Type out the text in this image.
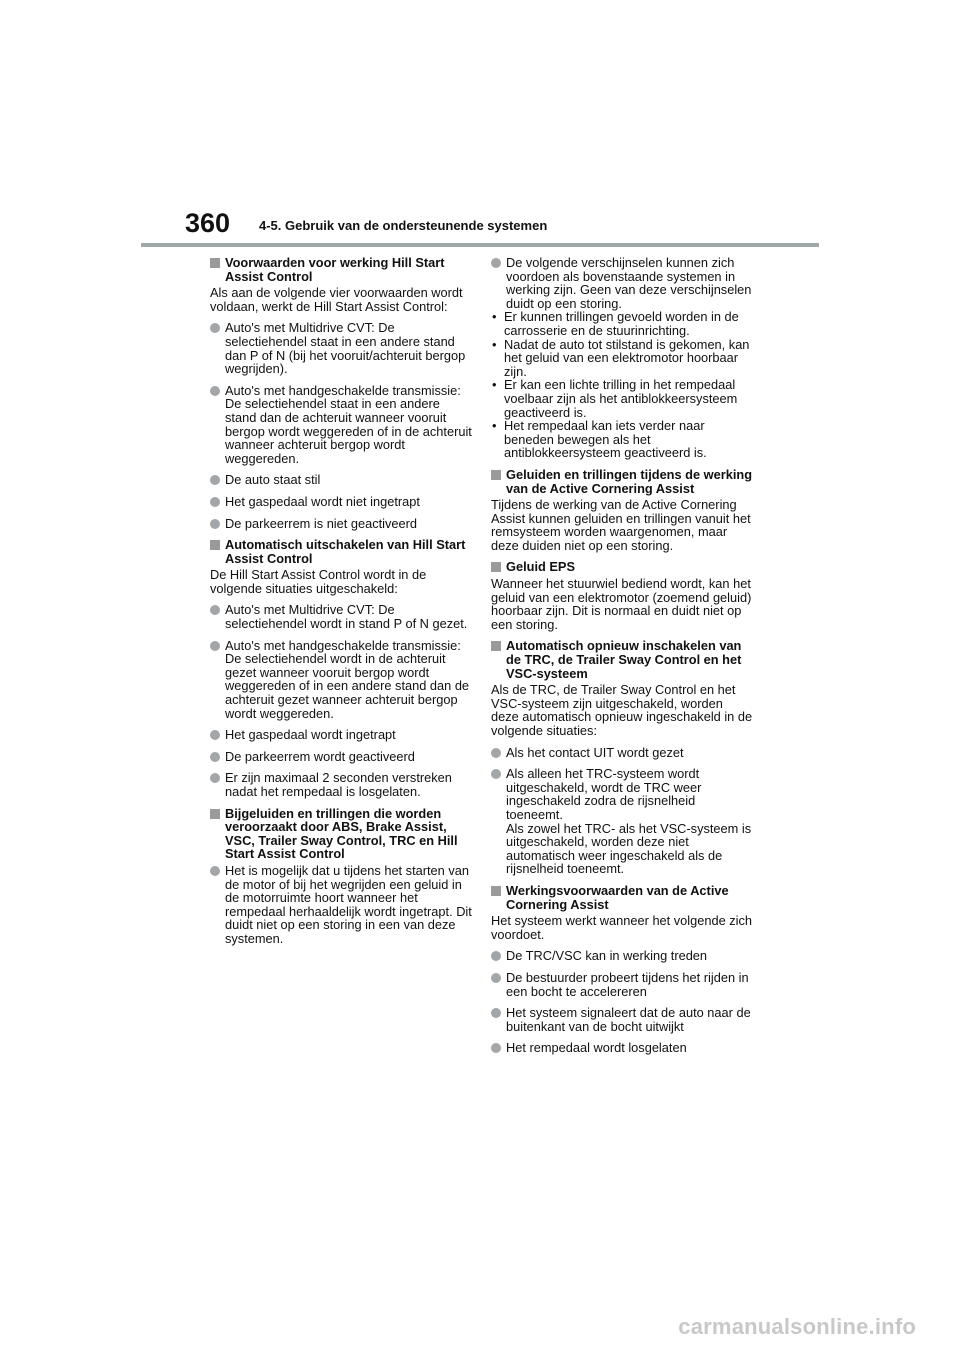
360 4-5. Gebruik van de ondersteunende systemen
Voorwaarden voor werking Hill Start Assist Control
Als aan de volgende vier voorwaarden wordt voldaan, werkt de Hill Start Assist Control:
Auto's met Multidrive CVT: De selectiehendel staat in een andere stand dan P of N (bij het vooruit/achteruit bergop wegrijden).
Auto's met handgeschakelde transmissie: De selectiehendel staat in een andere stand dan de achteruit wanneer vooruit bergop wordt weggereden of in de achteruit wanneer achteruit bergop wordt weggereden.
De auto staat stil
Het gaspedaal wordt niet ingetrapt
De parkeerrem is niet geactiveerd
Automatisch uitschakelen van Hill Start Assist Control
De Hill Start Assist Control wordt in de volgende situaties uitgeschakeld:
Auto's met Multidrive CVT: De selectiehendel wordt in stand P of N gezet.
Auto's met handgeschakelde transmissie: De selectiehendel wordt in de achteruit gezet wanneer vooruit bergop wordt weggereden of in een andere stand dan de achteruit gezet wanneer achteruit bergop wordt weggereden.
Het gaspedaal wordt ingetrapt
De parkeerrem wordt geactiveerd
Er zijn maximaal 2 seconden verstreken nadat het rempedaal is losgelaten.
Bijgeluiden en trillingen die worden veroorzaakt door ABS, Brake Assist, VSC, Trailer Sway Control, TRC en Hill Start Assist Control
Het is mogelijk dat u tijdens het starten van de motor of bij het wegrijden een geluid in de motorruimte hoort wanneer het rempedaal herhaaldelijk wordt ingetrapt. Dit duidt niet op een storing in een van deze systemen.
De volgende verschijnselen kunnen zich voordoen als bovenstaande systemen in werking zijn. Geen van deze verschijnselen duidt op een storing.
• Er kunnen trillingen gevoeld worden in de carrosserie en de stuurinrichting.
• Nadat de auto tot stilstand is gekomen, kan het geluid van een elektromotor hoorbaar zijn.
• Er kan een lichte trilling in het rempedaal voelbaar zijn als het antiblokkeersysteem geactiveerd is.
• Het rempedaal kan iets verder naar beneden bewegen als het antiblokkeersysteem geactiveerd is.
Geluiden en trillingen tijdens de werking van de Active Cornering Assist
Tijdens de werking van de Active Cornering Assist kunnen geluiden en trillingen vanuit het remsysteem worden waargenomen, maar deze duiden niet op een storing.
Geluid EPS
Wanneer het stuurwiel bediend wordt, kan het geluid van een elektromotor (zoemend geluid) hoorbaar zijn. Dit is normaal en duidt niet op een storing.
Automatisch opnieuw inschakelen van de TRC, de Trailer Sway Control en het VSC-systeem
Als de TRC, de Trailer Sway Control en het VSC-systeem zijn uitgeschakeld, worden deze automatisch opnieuw ingeschakeld in de volgende situaties:
Als het contact UIT wordt gezet
Als alleen het TRC-systeem wordt uitgeschakeld, wordt de TRC weer ingeschakeld zodra de rijsnelheid toeneemt.
Als zowel het TRC- als het VSC-systeem is uitgeschakeld, worden deze niet automatisch weer ingeschakeld als de rijsnelheid toeneemt.
Werkingsvoorwaarden van de Active Cornering Assist
Het systeem werkt wanneer het volgende zich voordoet.
De TRC/VSC kan in werking treden
De bestuurder probeert tijdens het rijden in een bocht te accelereren
Het systeem signaleert dat de auto naar de buitenkant van de bocht uitwijkt
Het rempedaal wordt losgelaten
carmanualsonline.info
